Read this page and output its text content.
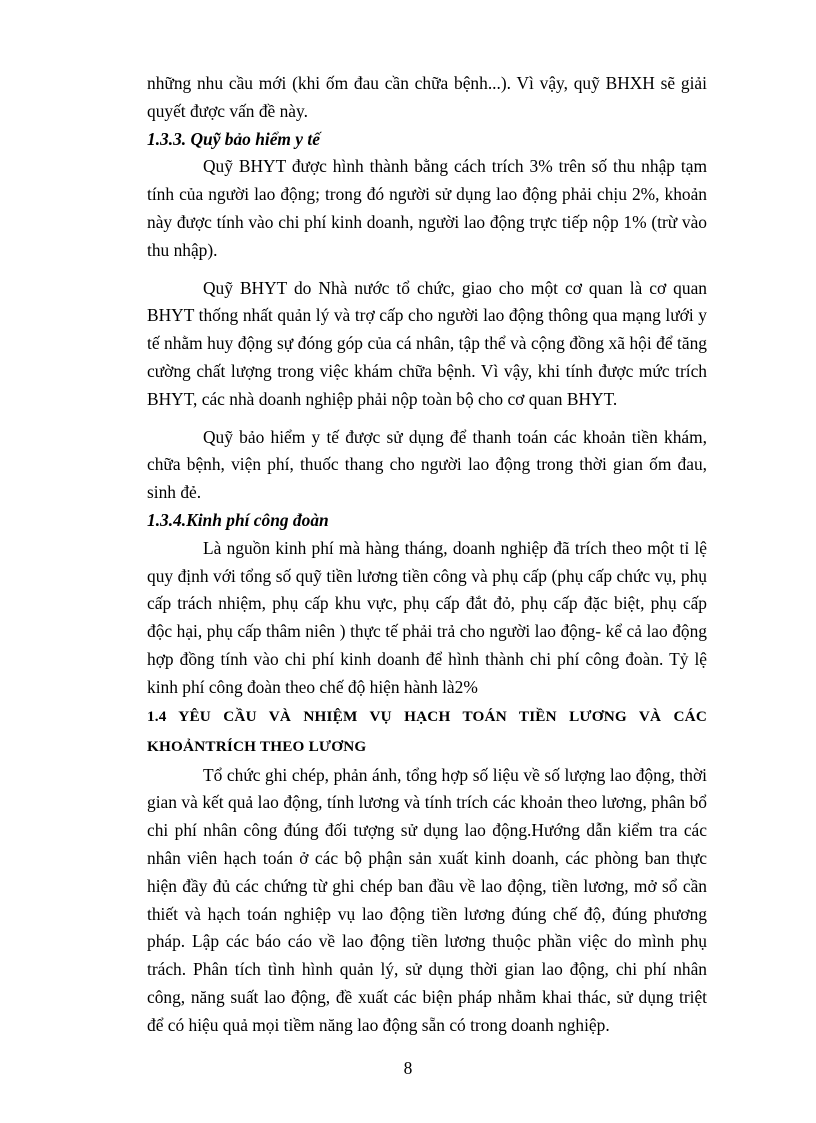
những nhu cầu mới (khi ốm đau cần chữa bệnh...). Vì vậy, quỹ BHXH sẽ giải quyết được vấn đề này.

1.3.3. Quỹ bảo hiểm y tế

Quỹ BHYT được hình thành bằng cách trích 3% trên số thu nhập tạm tính của người lao động; trong đó người sử dụng lao động phải chịu 2%, khoản này được tính vào chi phí kinh doanh, người lao động trực tiếp nộp 1% (trừ vào thu nhập).

Quỹ BHYT do Nhà nước tổ chức, giao cho một cơ quan là cơ quan BHYT thống nhất quản lý và trợ cấp cho người lao động thông qua mạng lưới y tế nhằm huy động sự đóng góp của cá nhân, tập thể và cộng đồng xã hội để tăng cường chất lượng trong việc khám chữa bệnh. Vì vậy, khi tính được mức trích BHYT, các nhà doanh nghiệp phải nộp toàn bộ cho cơ quan BHYT.

Quỹ bảo hiểm y tế được sử dụng để thanh toán các khoản tiền khám, chữa bệnh, viện phí, thuốc thang cho người lao động trong thời gian ốm đau, sinh đẻ.

1.3.4.Kinh phí công đoàn

Là nguồn kinh phí mà hàng tháng, doanh nghiệp đã trích theo một tỉ lệ quy định với tổng số quỹ tiền lương tiền công và phụ cấp (phụ cấp chức vụ, phụ cấp trách nhiệm, phụ cấp khu vực, phụ cấp đắt đỏ, phụ cấp đặc biệt, phụ cấp độc hại, phụ cấp thâm niên ) thực tế phải trả cho người lao động- kể cả lao động hợp đồng tính vào chi phí kinh doanh để hình thành chi phí công đoàn. Tỷ lệ kinh phí công đoàn theo chế độ hiện hành là2%

1.4 YÊU CẦU VÀ NHIỆM VỤ HẠCH TOÁN TIỀN LƯƠNG VÀ CÁC
KHOẢNTRÍCH THEO LƯƠNG

Tổ chức ghi chép, phản ánh, tổng hợp số liệu về số lượng lao động, thời gian và kết quả lao động, tính lương và tính trích các khoản theo lương, phân bổ chi phí nhân công đúng đối tượng sử dụng lao động.Hướng dẫn kiểm tra các nhân viên hạch toán ở các bộ phận sản xuất kinh doanh, các phòng ban thực hiện đầy đủ các chứng từ ghi chép ban đầu về lao động, tiền lương, mở sổ cần thiết và hạch toán nghiệp vụ lao động tiền lương đúng chế độ, đúng phương pháp. Lập các báo cáo về lao động tiền lương thuộc phần việc do mình phụ trách. Phân tích tình hình quản lý, sử dụng thời gian lao động, chi phí nhân công, năng suất lao động, đề xuất các biện pháp nhằm khai thác, sử dụng triệt để có hiệu quả mọi tiềm năng lao động sẵn có trong doanh nghiệp.

8
